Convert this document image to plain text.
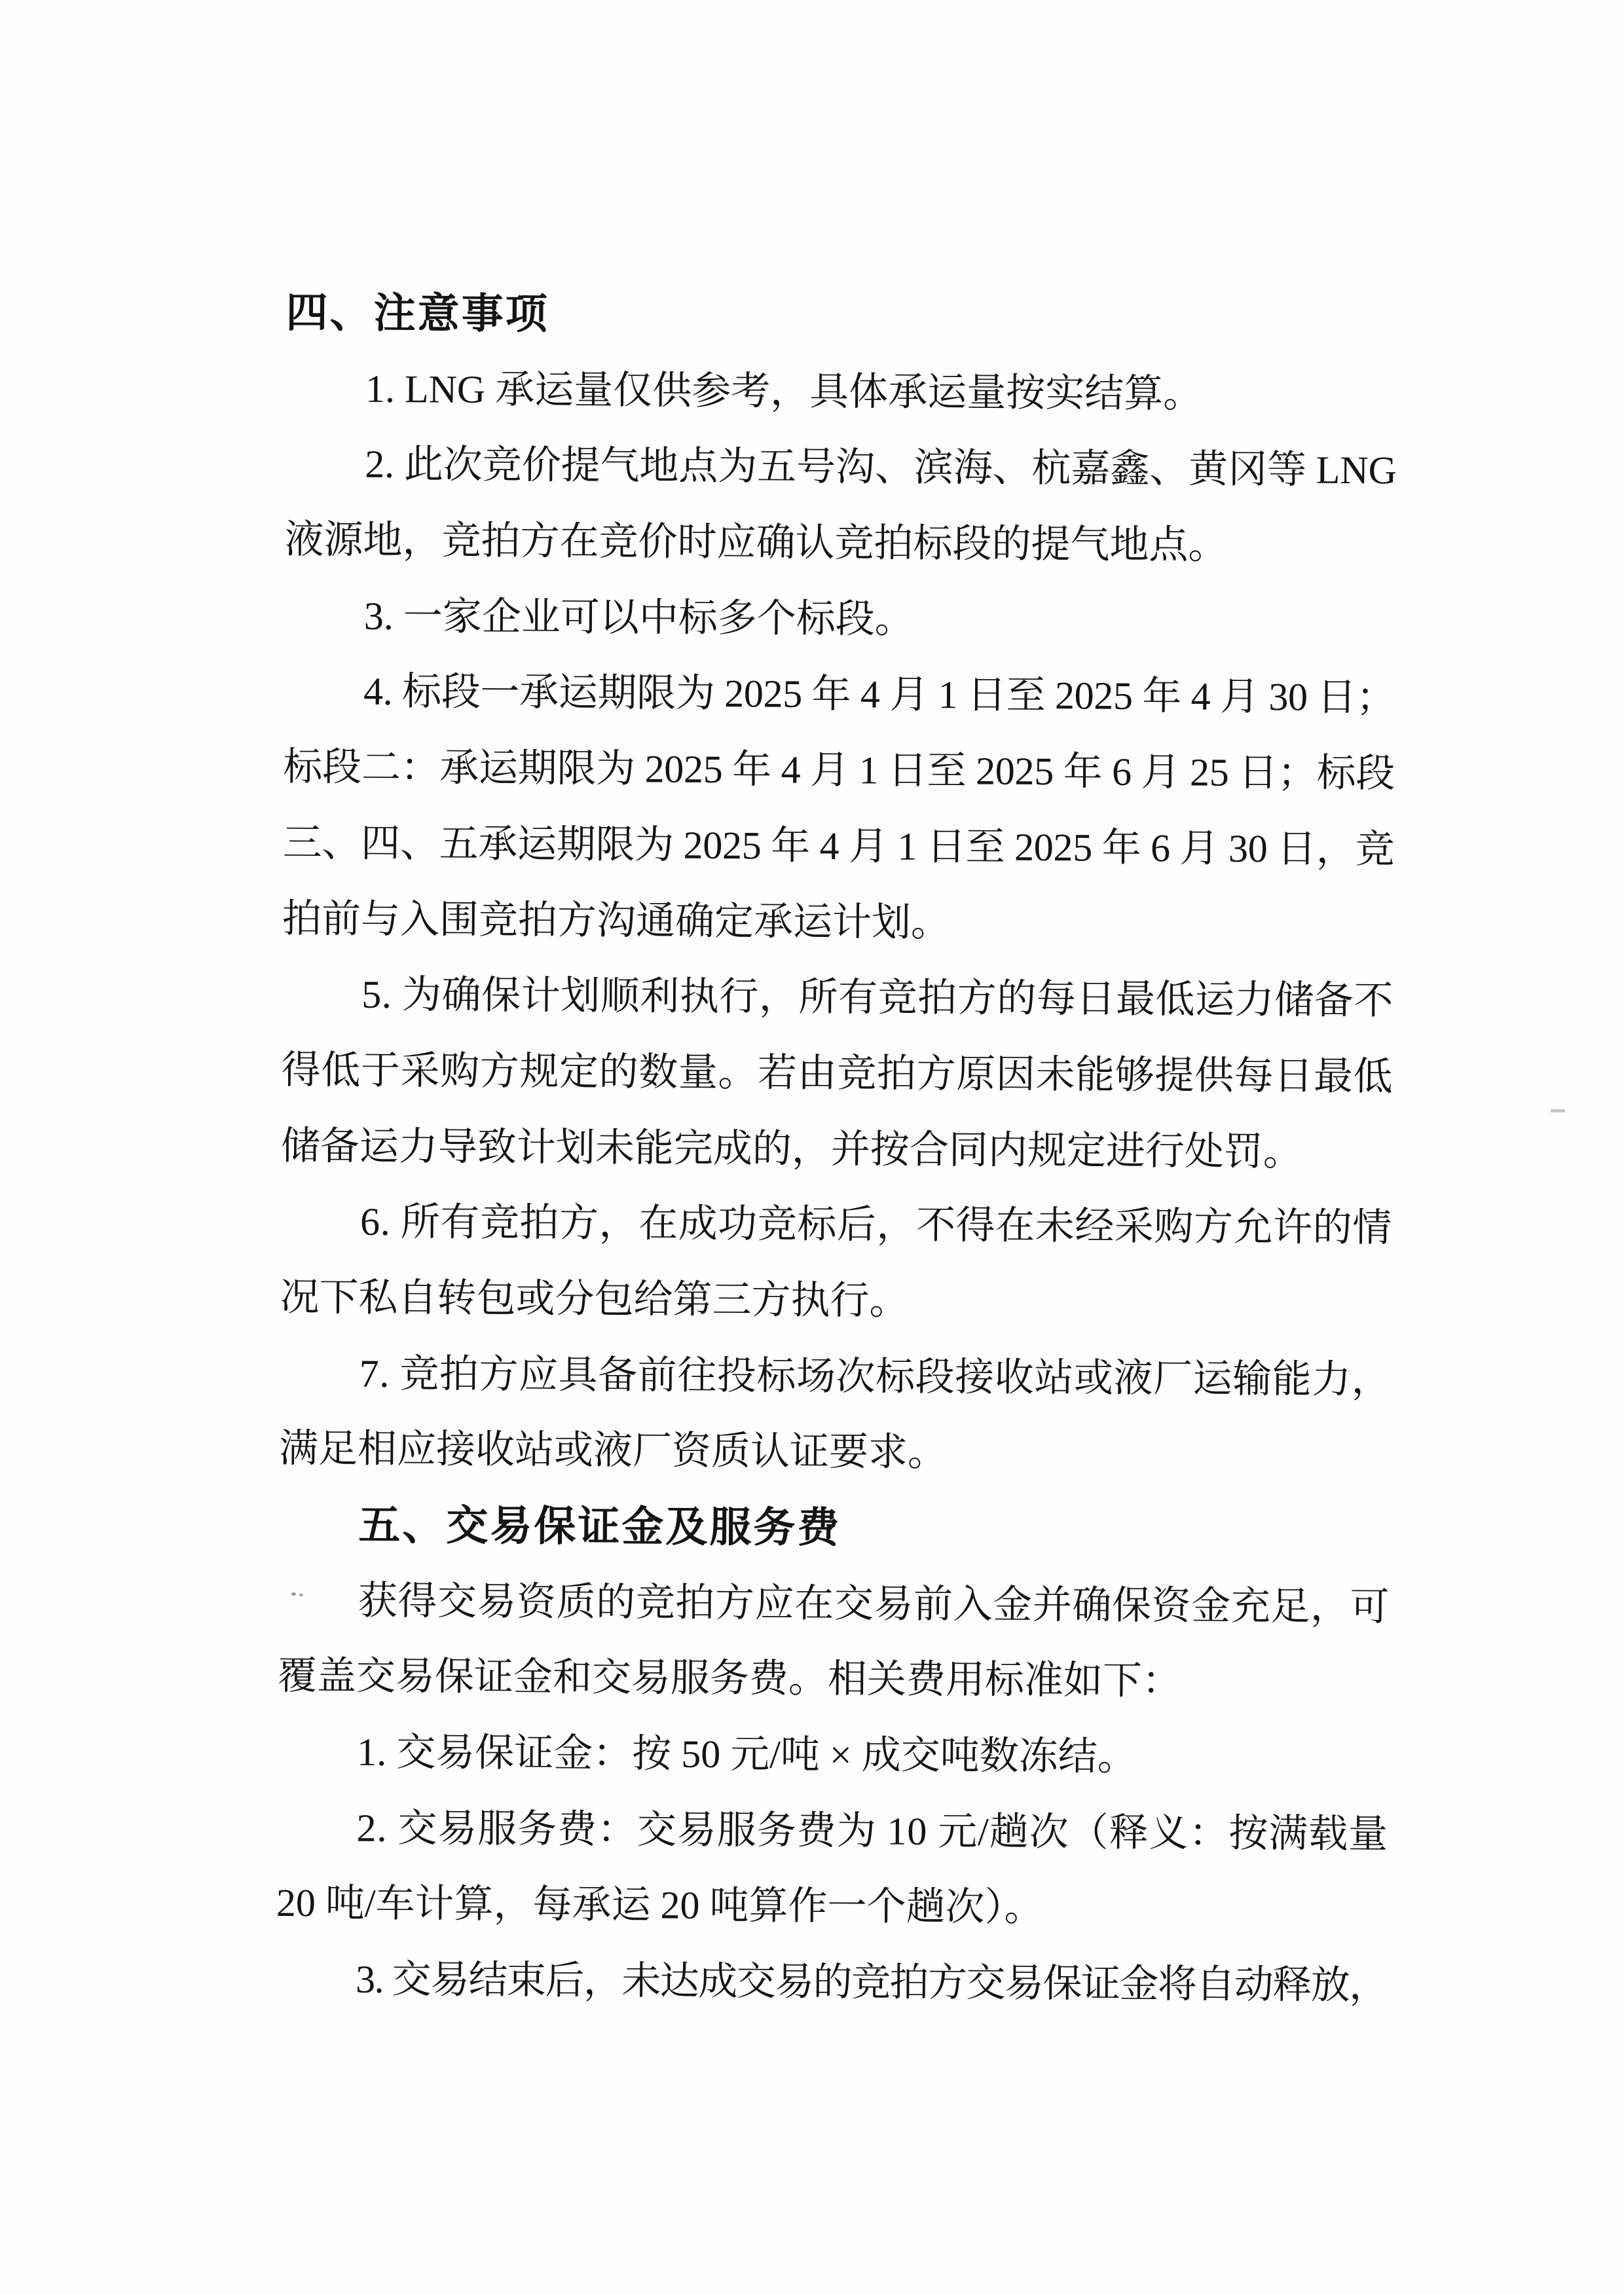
四、注意事项
1. LNG 承运量仅供参考，具体承运量按实结算。
2. 此次竞价提气地点为五号沟、滨海、杭嘉鑫、黄冈等 LNG
液源地，竞拍方在竞价时应确认竞拍标段的提气地点。
3. 一家企业可以中标多个标段。
4. 标段一承运期限为 2025 年 4 月 1 日至 2025 年 4 月 30 日；
标段二：承运期限为 2025 年 4 月 1 日至 2025 年 6 月 25 日；标段
三、四、五承运期限为 2025 年 4 月 1 日至 2025 年 6 月 30 日，竞
拍前与入围竞拍方沟通确定承运计划。
5. 为确保计划顺利执行，所有竞拍方的每日最低运力储备不
得低于采购方规定的数量。若由竞拍方原因未能够提供每日最低
储备运力导致计划未能完成的，并按合同内规定进行处罚。
6. 所有竞拍方，在成功竞标后，不得在未经采购方允许的情
况下私自转包或分包给第三方执行。
7. 竞拍方应具备前往投标场次标段接收站或液厂运输能力，
满足相应接收站或液厂资质认证要求。
五、交易保证金及服务费
获得交易资质的竞拍方应在交易前入金并确保资金充足，可
覆盖交易保证金和交易服务费。相关费用标准如下：
1. 交易保证金：按 50 元/吨 × 成交吨数冻结。
2. 交易服务费：交易服务费为 10 元/趟次（释义：按满载量
20 吨/车计算，每承运 20 吨算作一个趟次）。
3. 交易结束后，未达成交易的竞拍方交易保证金将自动释放，
